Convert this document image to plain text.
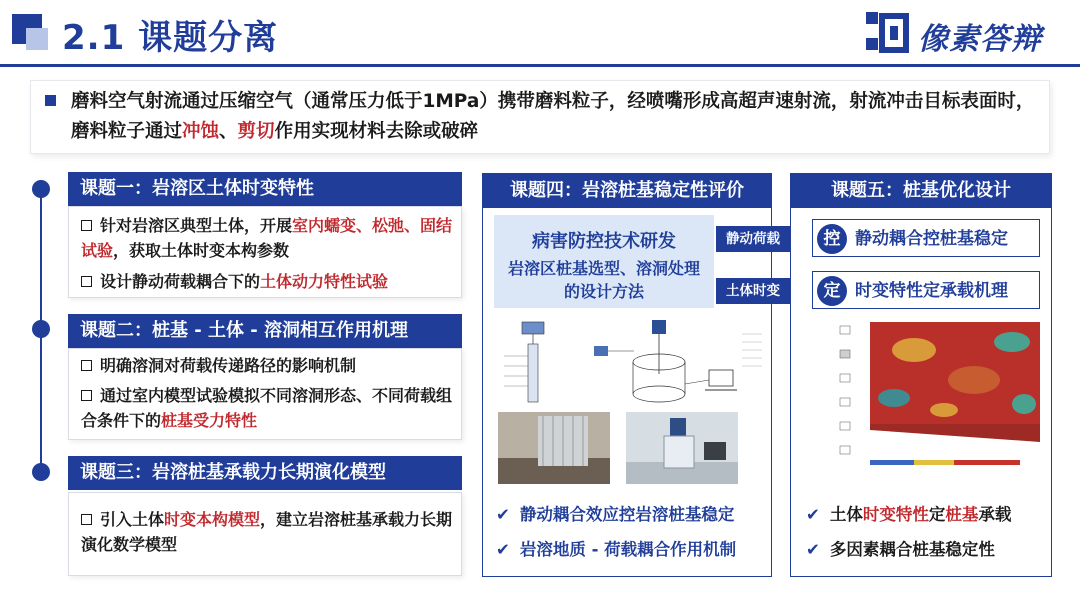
2.1 课题分离	像素答辩
磨料空气射流通过压缩空气（通常压力低于1MPa）携带磨料粒子，经喷嘴形成高超声速射流，射流冲击目标表面时，磨料粒子通过冲蚀、剪切作用实现材料去除或破碎
课题一：岩溶区土体时变特性
针对岩溶区典型土体，开展室内蠕变、松弛、固结试验，获取土体时变本构参数
设计静动荷载耦合下的土体动力特性试验
课题二：桩基 - 土体 - 溶洞相互作用机理
明确溶洞对荷载传递路径的影响机制
通过室内模型试验模拟不同溶洞形态、不同荷载组合条件下的桩基受力特性
课题三：岩溶桩基承载力长期演化模型
引入土体时变本构模型，建立岩溶桩基承载力长期演化数学模型
课题四：岩溶桩基稳定性评价
病害防控技术研发
岩溶区桩基选型、溶洞处理的设计方法
✔ 静动耦合效应控岩溶桩基稳定
✔ 岩溶地质 - 荷载耦合作用机制
静动荷载
土体时变
课题五：桩基优化设计
控 静动耦合控桩基稳定
定 时变特性定承载机理
✔ 土体时变特性定桩基承载
✔ 多因素耦合桩基稳定性
